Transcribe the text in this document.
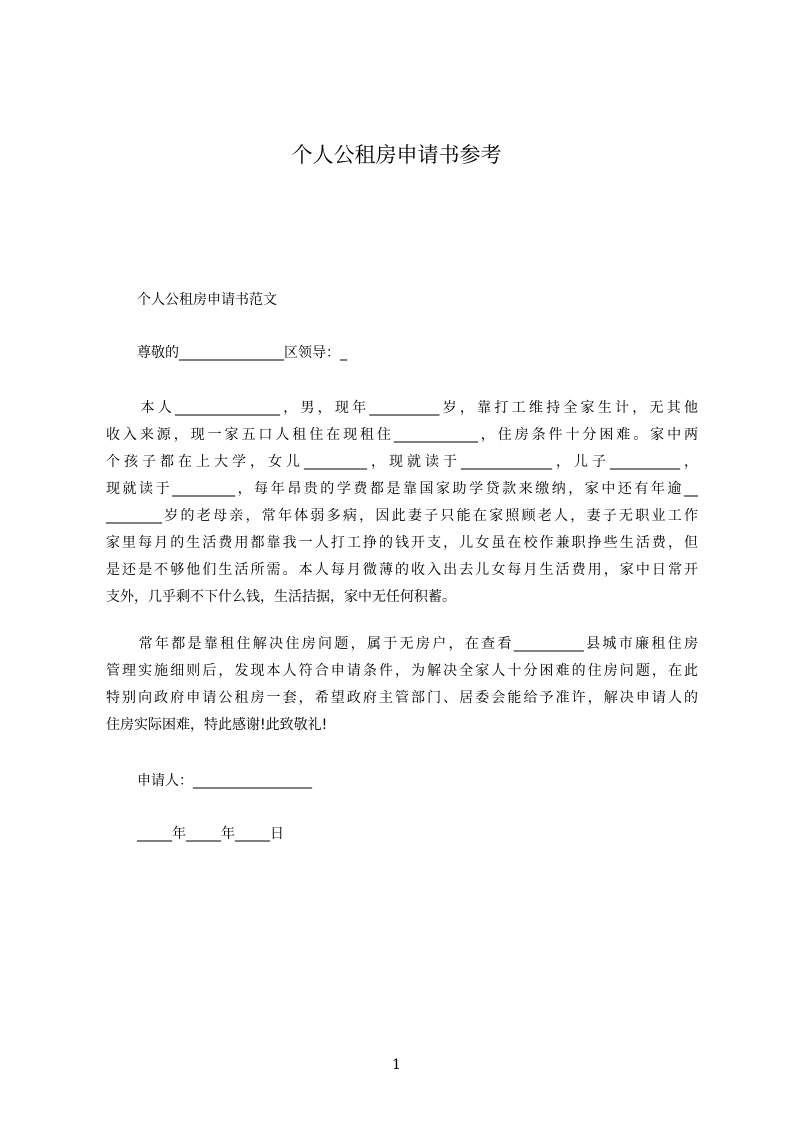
个人公租房申请书参考
个人公租房申请书范文
尊敬的_______________区领导：_
　　本人_______________，男，现年__________岁，靠打工维持全家生计，无其他
收入来源，现一家五口人租住在现租住____________，住房条件十分困难。家中两
个孩子都在上大学，女儿_________，现就读于_____________，儿子__________，
现就读于_________，每年昂贵的学费都是靠国家助学贷款来缴纳，家中还有年逾__
________岁的老母亲，常年体弱多病，因此妻子只能在家照顾老人，妻子无职业工作
家里每月的生活费用都靠我一人打工挣的钱开支，儿女虽在校作兼职挣些生活费，但
是还是不够他们生活所需。本人每月微薄的收入出去儿女每月生活费用，家中日常开
支外，几乎剩不下什么钱，生活拮据，家中无任何积蓄。
　　常年都是靠租住解决住房问题，属于无房户，在查看__________县城市廉租住房
管理实施细则后，发现本人符合申请条件，为解决全家人十分困难的住房问题，在此
特别向政府申请公租房一套，希望政府主管部门、居委会能给予准许，解决申请人的
住房实际困难，特此感谢!此致敬礼!
申请人：_________________
_____年_____年_____日
1
